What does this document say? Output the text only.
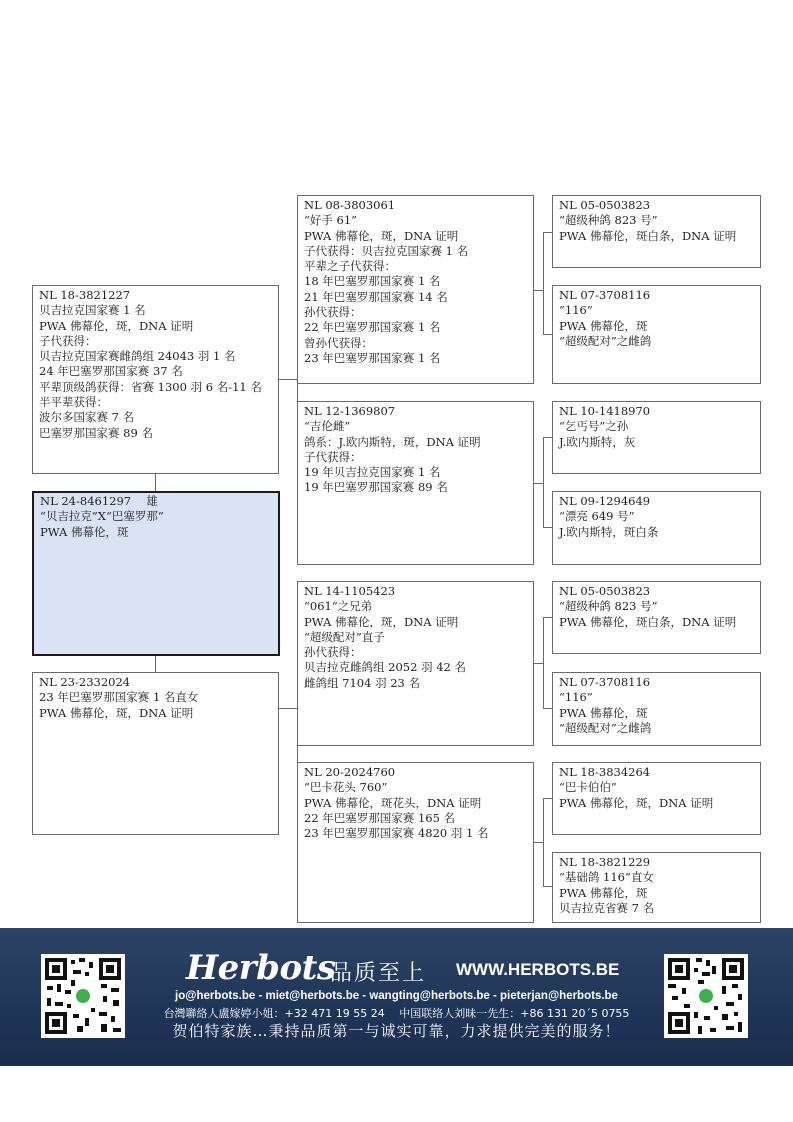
NL 18-3821227
贝吉拉克国家赛 1 名
PWA 佛幕伦，斑，DNA 证明
子代获得：
贝吉拉克国家赛雌鸽组 24043 羽 1 名
24 年巴塞罗那国家赛 37 名
平辈顶级鸽获得：省赛 1300 羽 6 名-11 名
半平辈获得：
波尔多国家赛 7 名
巴塞罗那国家赛 89 名
NL 24-8461297　 雄
“贝吉拉克”X“巴塞罗那”
PWA 佛幕伦，斑
NL 23-2332024
23 年巴塞罗那国家赛 1 名直女
PWA 佛幕伦，斑，DNA 证明
NL 08-3803061
“好手 61”
PWA 佛幕伦，斑，DNA 证明
子代获得：贝吉拉克国家赛 1 名
平辈之子代获得：
18 年巴塞罗那国家赛 1 名
21 年巴塞罗那国家赛 14 名
孙代获得：
22 年巴塞罗那国家赛 1 名
曾孙代获得：
23 年巴塞罗那国家赛 1 名
NL 12-1369807
“吉伦雌”
鸽系：J.欧内斯特，斑，DNA 证明
子代获得：
19 年贝吉拉克国家赛 1 名
19 年巴塞罗那国家赛 89 名
NL 14-1105423
“061”之兄弟
PWA 佛幕伦，斑，DNA 证明
“超级配对”直子
孙代获得：
贝吉拉克雌鸽组 2052 羽 42 名
雌鸽组 7104 羽 23 名
NL 20-2024760
“巴卡花头 760”
PWA 佛幕伦，斑花头，DNA 证明
22 年巴塞罗那国家赛 165 名
23 年巴塞罗那国家赛 4820 羽 1 名
NL 05-0503823
“超级种鸽 823 号”
PWA 佛幕伦，斑白条，DNA 证明
NL 07-3708116
“116”
PWA 佛幕伦，斑
“超级配对”之雌鸽
NL 10-1418970
“乞丐号”之孙
J.欧内斯特，灰
NL 09-1294649
“漂亮 649 号”
J.欧内斯特，斑白条
NL 05-0503823
“超级种鸽 823 号”
PWA 佛幕伦，斑白条，DNA 证明
NL 07-3708116
“116”
PWA 佛幕伦，斑
“超级配对”之雌鸽
NL 18-3834264
“巴卡伯伯”
PWA 佛幕伦，斑，DNA 证明
NL 18-3821229
“基础鸽 116”直女
PWA 佛幕伦，斑
贝吉拉克省赛 7 名
Herbots
品质至上 WWW.HERBOTS.BE
jo@herbots.be - miet@herbots.be - wangting@herbots.be - pieterjan@herbots.be
台灣聯絡人盧嫁婷小姐：+32 471 19 55 24　 中国联络人刘昧一先生：+86 131 20´5 0755
贺伯特家族…秉持品质第一与诚实可靠，力求提供完美的服务！
